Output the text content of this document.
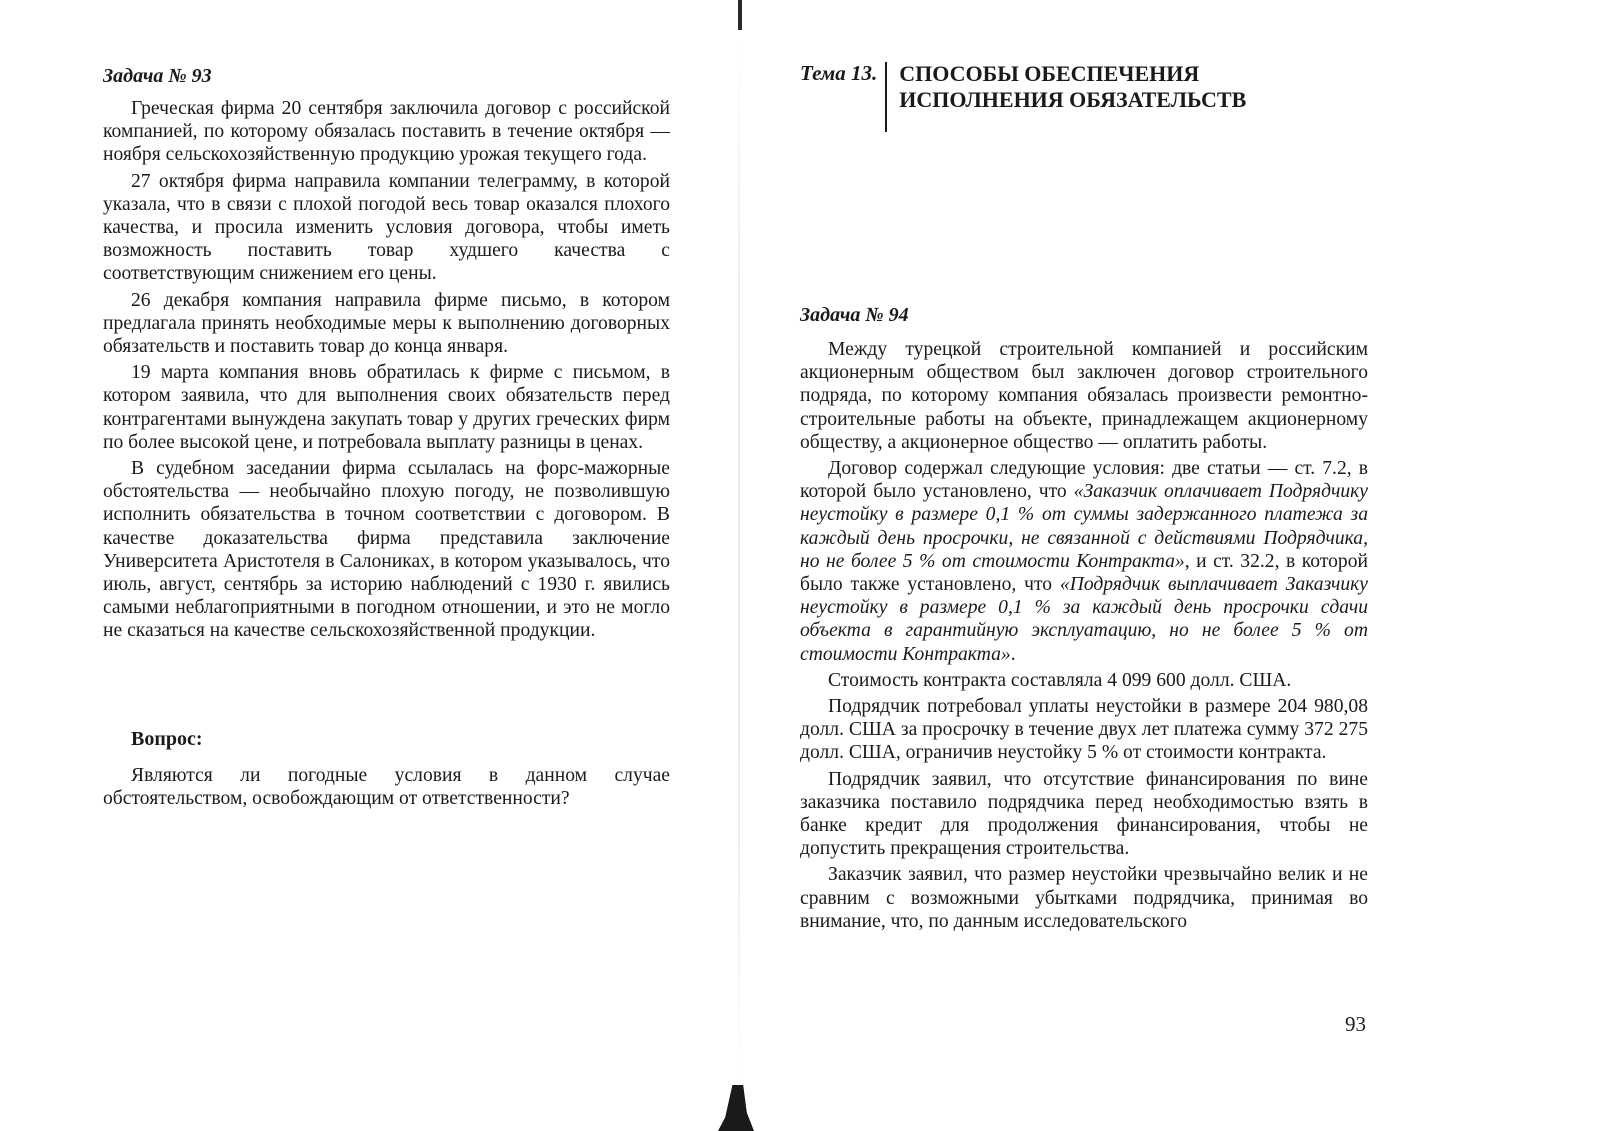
Задача № 93

Греческая фирма 20 сентября заключила договор с российской компанией, по которому обязалась поставить в течение октября — ноября сельскохозяйственную продукцию урожая текущего года.

27 октября фирма направила компании телеграмму, в которой указала, что в связи с плохой погодой весь товар оказался плохого качества, и просила изменить условия договора, чтобы иметь возможность поставить товар худшего качества с соответствующим снижением его цены.

26 декабря компания направила фирме письмо, в котором предлагала принять необходимые меры к выполнению договорных обязательств и поставить товар до конца января.

19 марта компания вновь обратилась к фирме с письмом, в котором заявила, что для выполнения своих обязательств перед контрагентами вынуждена закупать товар у других греческих фирм по более высокой цене, и потребовала выплату разницы в ценах.

В судебном заседании фирма ссылалась на форс-мажорные обстоятельства — необычайно плохую погоду, не позволившую исполнить обязательства в точном соответствии с договором. В качестве доказательства фирма представила заключение Университета Аристотеля в Салониках, в котором указывалось, что июль, август, сентябрь за историю наблюдений с 1930 г. явились самыми неблагоприятными в погодном отношении, и это не могло не сказаться на качестве сельскохозяйственной продукции.

Вопрос:

Являются ли погодные условия в данном случае обстоятельством, освобождающим от ответственности?

Тема 13.	СПОСОБЫ ОБЕСПЕЧЕНИЯ
ИСПОЛНЕНИЯ ОБЯЗАТЕЛЬСТВ
Задача № 94

Между турецкой строительной компанией и российским акционерным обществом был заключен договор строительного подряда, по которому компания обязалась произвести ремонтно-строительные работы на объекте, принадлежащем акционерному обществу, а акционерное общество — оплатить работы.

Договор содержал следующие условия: две статьи — ст. 7.2, в которой было установлено, что «Заказчик оплачивает Подрядчику неустойку в размере 0,1 % от суммы задержанного платежа за каждый день просрочки, не связанной с действиями Подрядчика, но не более 5 % от стоимости Контракта», и ст. 32.2, в которой было также установлено, что «Подрядчик выплачивает Заказчику неустойку в размере 0,1 % за каждый день просрочки сдачи объекта в гарантийную эксплуатацию, но не более 5 % от стоимости Контракта».

Стоимость контракта составляла 4 099 600 долл. США.

Подрядчик потребовал уплаты неустойки в размере 204 980,08 долл. США за просрочку в течение двух лет платежа сумму 372 275 долл. США, ограничив неустойку 5 % от стоимости контракта.

Подрядчик заявил, что отсутствие финансирования по вине заказчика поставило подрядчика перед необходимостью взять в банке кредит для продолжения финансирования, чтобы не допустить прекращения строительства.

Заказчик заявил, что размер неустойки чрезвычайно велик и не сравним с возможными убытками подрядчика, принимая во внимание, что, по данным исследовательского

93
